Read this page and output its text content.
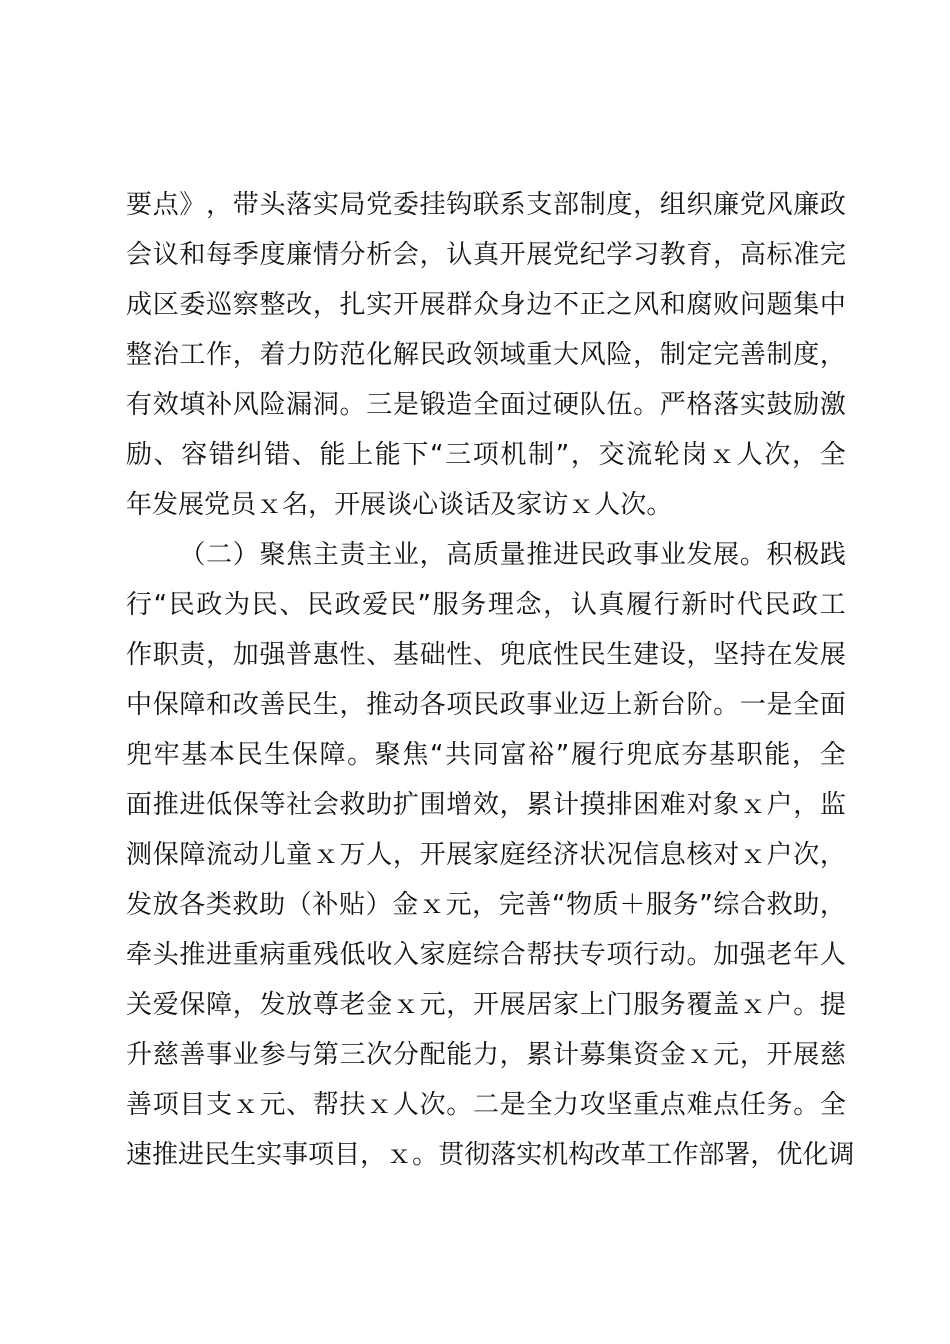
要 点 》 ， 带 头 落 实 局 党 委 挂 钩 联 系 支 部 制 度 ， 组 织 廉 党 风 廉 政
会 议 和 每 季 度 廉 情 分 析 会 ， 认 真 开 展 党 纪 学 习 教 育 ， 高 标 准 完
成 区 委 巡 察 整 改 ， 扎 实 开 展 群 众 身 边 不 正 之 风 和 腐 败 问 题 集 中
整 治 工 作 ， 着 力 防 范 化 解 民 政 领 域 重 大 风 险 ， 制 定 完 善 制 度 ，
有 效 填 补 风 险 漏 洞 。 三 是 锻 造 全 面 过 硬 队 伍 。 严 格 落 实 鼓 励 激
励 、 容 错 纠 错 、 能 上 能 下 “ 三 项 机 制 ” ， 交 流 轮 岗 ｘ 人 次 ， 全
年 发 展 党 员 ｘ 名 ， 开 展 谈 心 谈 话 及 家 访 ｘ 人 次 。

（ 二 ） 聚 焦 主 责 主 业 ， 高 质 量 推 进 民 政 事 业 发 展 。 积 极 践
行 “ 民 政 为 民 、 民 政 爱 民 ” 服 务 理 念 ， 认 真 履 行 新 时 代 民 政 工
作 职 责 ， 加 强 普 惠 性 、 基 础 性 、 兜 底 性 民 生 建 设 ， 坚 持 在 发 展
中 保 障 和 改 善 民 生 ， 推 动 各 项 民 政 事 业 迈 上 新 台 阶 。 一 是 全 面
兜 牢 基 本 民 生 保 障 。 聚 焦 “ 共 同 富 裕 ” 履 行 兜 底 夯 基 职 能 ， 全
面 推 进 低 保 等 社 会 救 助 扩 围 增 效 ， 累 计 摸 排 困 难 对 象 ｘ 户 ， 监
测 保 障 流 动 儿 童 ｘ 万 人 ， 开 展 家 庭 经 济 状 况 信 息 核 对 ｘ 户 次 ，
发 放 各 类 救 助 （ 补 贴 ） 金 ｘ 元 ， 完 善 “ 物 质 ＋ 服 务 ” 综 合 救 助 ，
牵 头 推 进 重 病 重 残 低 收 入 家 庭 综 合 帮 扶 专 项 行 动 。 加 强 老 年 人
关 爱 保 障 ， 发 放 尊 老 金 ｘ 元 ， 开 展 居 家 上 门 服 务 覆 盖 ｘ 户 。 提
升 慈 善 事 业 参 与 第 三 次 分 配 能 力 ， 累 计 募 集 资 金 ｘ 元 ， 开 展 慈
善 项 目 支 ｘ 元 、 帮 扶 ｘ 人 次 。 二 是 全 力 攻 坚 重 点 难 点 任 务 。 全
速 推 进 民 生 实 事 项 目 ， ｘ 。 贯 彻 落 实 机 构 改 革 工 作 部 署 ， 优 化 调
